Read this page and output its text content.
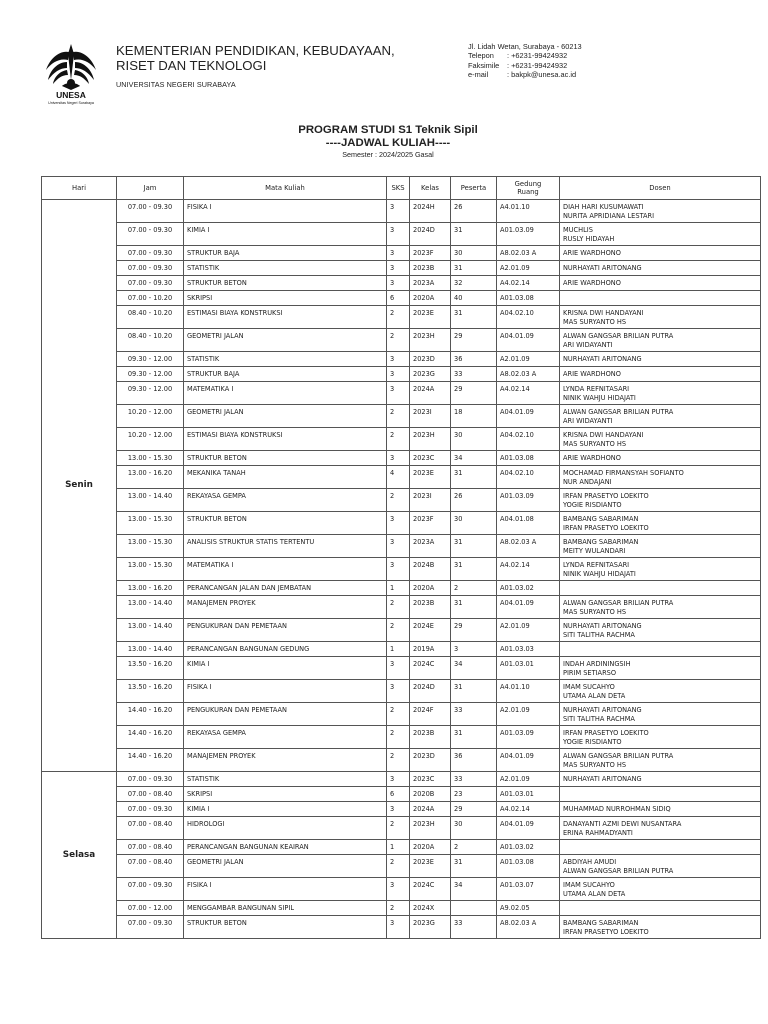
UNESA
Universitas Negeri Surabaya
KEMENTERIAN PENDIDIKAN, KEBUDAYAAN,
RISET DAN TEKNOLOGI
UNIVERSITAS NEGERI SURABAYA
Jl. Lidah Wetan, Surabaya - 60213
Telepon : +6231-99424932
Faksimile : +6231-99424932
e-mail	: bakpk@unesa.ac.id
PROGRAM STUDI S1 Teknik Sipil
----JADWAL KULIAH----
Semester : 2024/2025 Gasal
Hari	Jam	Mata Kuliah	SKS	Kelas	Peserta	Gedung
Ruang	Dosen
Senin	07.00 - 09.30	FISIKA I	3	2024H	26	A4.01.10	DIAH HARI KUSUMAWATI
NURITA APRIDIANA LESTARI

	07.00 - 09.30	KIMIA I	3	2024D	31	A01.03.09	MUCHLIS
RUSLY HIDAYAH

	07.00 - 09.30	STRUKTUR BAJA	3	2023F	30	A8.02.03 A	ARIE WARDHONO

	07.00 - 09.30	STATISTIK	3	2023B	31	A2.01.09	NURHAYATI ARITONANG

	07.00 - 09.30	STRUKTUR BETON	3	2023A	32	A4.02.14	ARIE WARDHONO

	07.00 - 10.20	SKRIPSI	6	2020A	40	A01.03.08	
	08.40 - 10.20	ESTIMASI BIAYA KONSTRUKSI	2	2023E	31	A04.02.10	KRISNA DWI HANDAYANI
MAS SURYANTO HS

	08.40 - 10.20	GEOMETRI JALAN	2	2023H	29	A04.01.09	ALWAN GANGSAR BRILIAN PUTRA
ARI WIDAYANTI

	09.30 - 12.00	STATISTIK	3	2023D	36	A2.01.09	NURHAYATI ARITONANG

	09.30 - 12.00	STRUKTUR BAJA	3	2023G	33	A8.02.03 A	ARIE WARDHONO

	09.30 - 12.00	MATEMATIKA I	3	2024A	29	A4.02.14	LYNDA REFNITASARI
NINIK WAHJU HIDAJATI

	10.20 - 12.00	GEOMETRI JALAN	2	2023I	18	A04.01.09	ALWAN GANGSAR BRILIAN PUTRA
ARI WIDAYANTI

	10.20 - 12.00	ESTIMASI BIAYA KONSTRUKSI	2	2023H	30	A04.02.10	KRISNA DWI HANDAYANI
MAS SURYANTO HS

	13.00 - 15.30	STRUKTUR BETON	3	2023C	34	A01.03.08	ARIE WARDHONO

	13.00 - 16.20	MEKANIKA TANAH	4	2023E	31	A04.02.10	MOCHAMAD FIRMANSYAH SOFIANTO
NUR ANDAJANI

	13.00 - 14.40	REKAYASA GEMPA	2	2023I	26	A01.03.09	IRFAN PRASETYO LOEKITO
YOGIE RISDIANTO

	13.00 - 15.30	STRUKTUR BETON	3	2023F	30	A04.01.08	BAMBANG SABARIMAN
IRFAN PRASETYO LOEKITO

	13.00 - 15.30	ANALISIS STRUKTUR STATIS TERTENTU	3	2023A	31	A8.02.03 A	BAMBANG SABARIMAN
MEITY WULANDARI

	13.00 - 15.30	MATEMATIKA I	3	2024B	31	A4.02.14	LYNDA REFNITASARI
NINIK WAHJU HIDAJATI

	13.00 - 16.20	PERANCANGAN JALAN DAN JEMBATAN	1	2020A	2	A01.03.02	
	13.00 - 14.40	MANAJEMEN PROYEK	2	2023B	31	A04.01.09	ALWAN GANGSAR BRILIAN PUTRA
MAS SURYANTO HS

	13.00 - 14.40	PENGUKURAN DAN PEMETAAN	2	2024E	29	A2.01.09	NURHAYATI ARITONANG
SITI TALITHA RACHMA

	13.00 - 14.40	PERANCANGAN BANGUNAN GEDUNG	1	2019A	3	A01.03.03	
	13.50 - 16.20	KIMIA I	3	2024C	34	A01.03.01	INDAH ARDININGSIH
PIRIM SETIARSO

	13.50 - 16.20	FISIKA I	3	2024D	31	A4.01.10	IMAM SUCAHYO
UTAMA ALAN DETA

	14.40 - 16.20	PENGUKURAN DAN PEMETAAN	2	2024F	33	A2.01.09	NURHAYATI ARITONANG
SITI TALITHA RACHMA

	14.40 - 16.20	REKAYASA GEMPA	2	2023B	31	A01.03.09	IRFAN PRASETYO LOEKITO
YOGIE RISDIANTO

	14.40 - 16.20	MANAJEMEN PROYEK	2	2023D	36	A04.01.09	ALWAN GANGSAR BRILIAN PUTRA
MAS SURYANTO HS

Selasa	07.00 - 09.30	STATISTIK	3	2023C	33	A2.01.09	NURHAYATI ARITONANG

	07.00 - 08.40	SKRIPSI	6	2020B	23	A01.03.01	
	07.00 - 09.30	KIMIA I	3	2024A	29	A4.02.14	MUHAMMAD NURROHMAN SIDIQ

	07.00 - 08.40	HIDROLOGI	2	2023H	30	A04.01.09	DANAYANTI AZMI DEWI NUSANTARA
ERINA RAHMADYANTI

	07.00 - 08.40	PERANCANGAN BANGUNAN KEAIRAN	1	2020A	2	A01.03.02	
	07.00 - 08.40	GEOMETRI JALAN	2	2023E	31	A01.03.08	ABDIYAH AMUDI
ALWAN GANGSAR BRILIAN PUTRA

	07.00 - 09.30	FISIKA I	3	2024C	34	A01.03.07	IMAM SUCAHYO
UTAMA ALAN DETA

	07.00 - 12.00	MENGGAMBAR BANGUNAN SIPIL	2	2024X		A9.02.05	
	07.00 - 09.30	STRUKTUR BETON	3	2023G	33	A8.02.03 A	BAMBANG SABARIMAN
IRFAN PRASETYO LOEKITO
